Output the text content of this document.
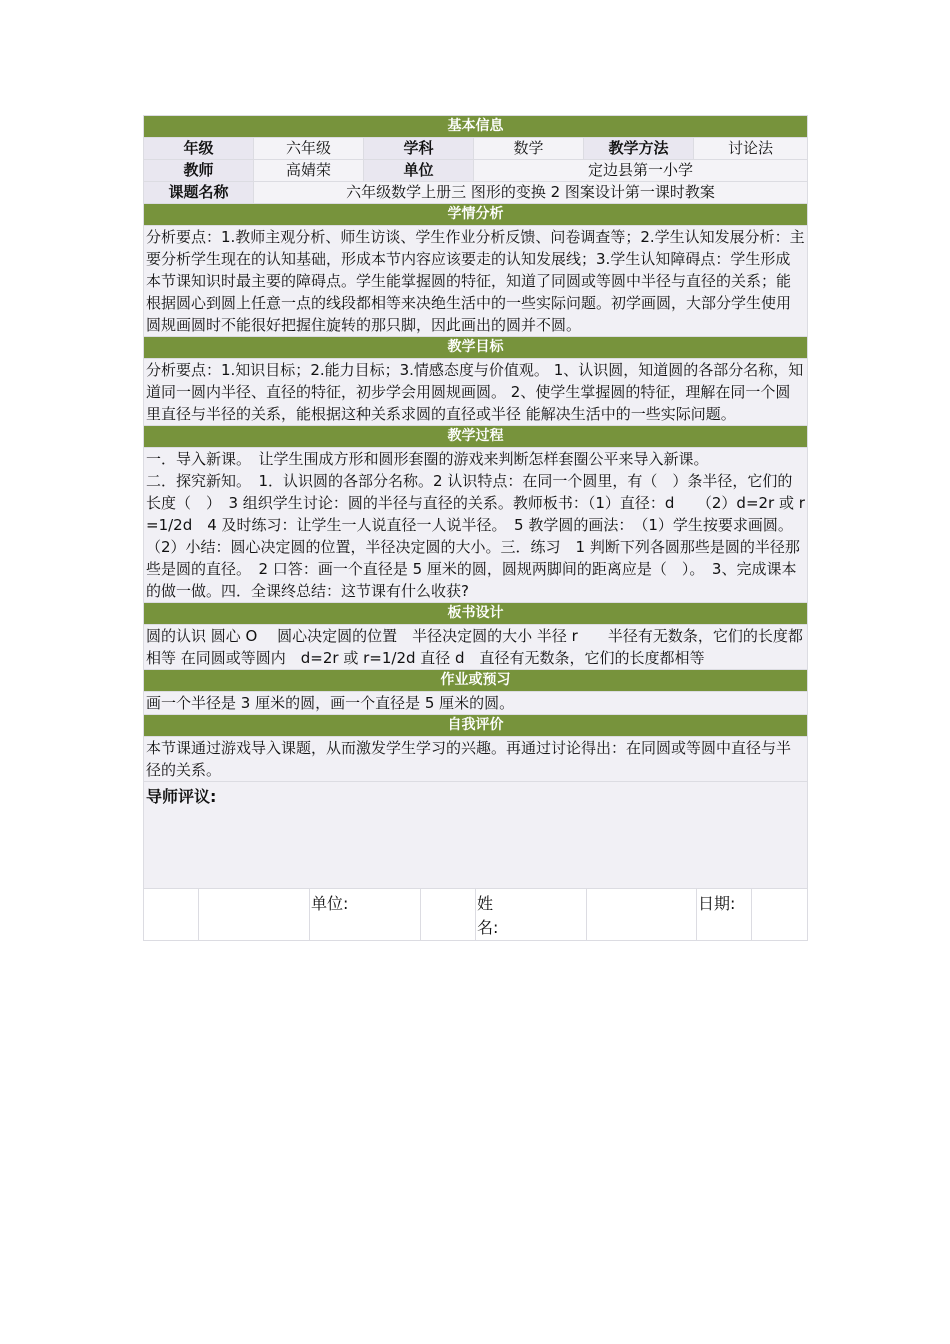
基本信息					
年级	六年级	学科	数学	教学方法	讨论法
教师	高婧荣	单位	定边县第一小学		
课题名称	六年级数学上册三 图形的变换 2 图案设计第一课时教案				
学情分析					

分析要点：1.教师主观分析、师生访谈、学生作业分析反馈、问卷调查等；2.学生认知发展分析：主要分析学生现在的认知基础，形成本节内容应该要走的认知发展线；3.学生认知障碍点：学生形成本节课知识时最主要的障碍点。学生能掌握圆的特征，知道了同圆或等圆中半径与直径的关系；能根据圆心到圆上任意一点的线段都相等来决绝生活中的一些实际问题。初学画圆，大部分学生使用圆规画圆时不能很好把握住旋转的那只脚，因此画出的圆并不圆。					

教学目标					

分析要点：1.知识目标；2.能力目标；3.情感态度与价值观。 1、认识圆，知道圆的各部分名称，知道同一圆内半径、直径的特征，初步学会用圆规画圆。 2、使学生掌握圆的特征，理解在同一个圆里直径与半径的关系，能根据这种关系求圆的直径或半径 能解决生活中的一些实际问题。					

教学过程					

一．导入新课。　让学生围成方形和圆形套圈的游戏来判断怎样套圈公平来导入新课。
二．探究新知。　1．认识圆的各部分名称。2 认识特点：在同一个圆里，有（　）条半径，它们的长度（　）　3 组织学生讨论：圆的半径与直径的关系。教师板书：（1）直径：d　　（2）d=2r 或 r=1/2d　4 及时练习：让学生一人说直径一人说半径。　5 教学圆的画法：　（1）学生按要求画圆。　（2）小结：圆心决定圆的位置，半径决定圆的大小。三．练习　1 判断下列各圆那些是圆的半径那些是圆的直径。　2 口答：画一个直径是 5 厘米的圆，圆规两脚间的距离应是（　）。　3、完成课本的做一做。四．全课终总结：这节课有什么收获?					

板书设计					

圆的认识 圆心 O　 圆心决定圆的位置　半径决定圆的大小 半径 r　　半径有无数条，它们的长度都相等 在同圆或等圆内　d=2r 或 r=1/2d 直径 d　直径有无数条，它们的长度都相等					

作业或预习					

画一个半径是 3 厘米的圆，画一个直径是 5 厘米的圆。					

自我评价					

本节课通过游戏导入课题，从而激发学生学习的兴趣。再通过讨论得出：在同圆或等圆中直径与半径的关系。					

导师评议:					
		单位:		姓名:		日期:	
